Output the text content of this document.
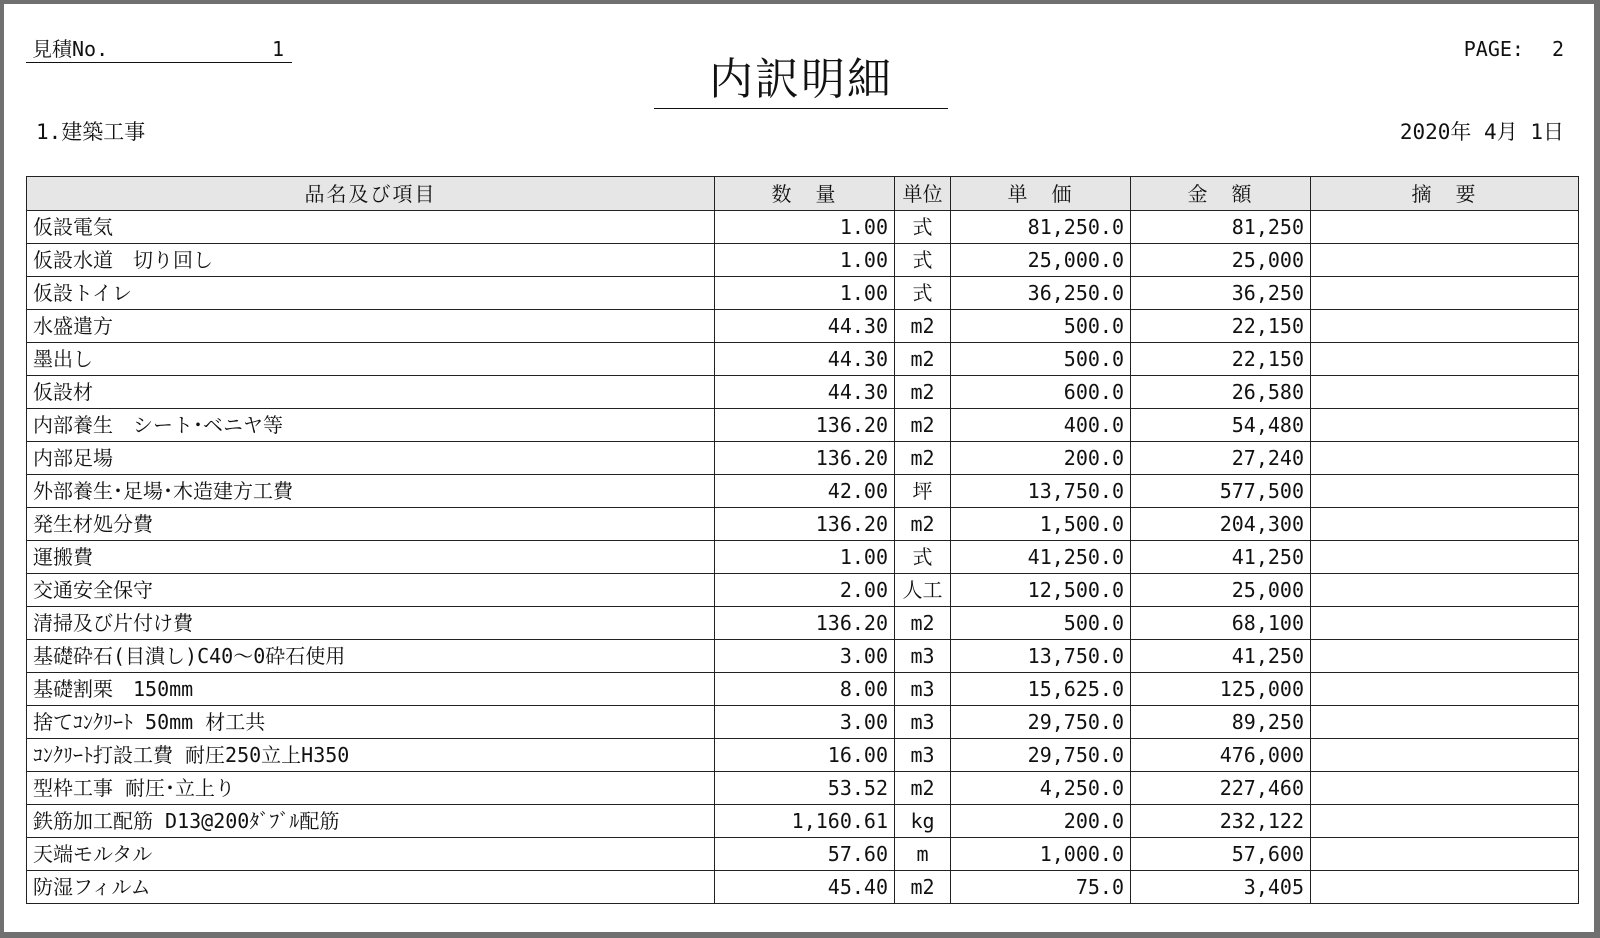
見積No.	1	PAGE: 2
内訳明細
1.建築工事	2020年 4月 1日
品名及び項目	数　量	単位	単　価	金　額	摘　要
仮設電気	1.00	式	81,250.0	81,250	
仮設水道　切り回し	1.00	式	25,000.0	25,000	
仮設トイレ	1.00	式	36,250.0	36,250	
水盛遣方	44.30	m2	500.0	22,150	
墨出し	44.30	m2	500.0	22,150	
仮設材	44.30	m2	600.0	26,580	
内部養生　シート･ベニヤ等	136.20	m2	400.0	54,480	
内部足場	136.20	m2	200.0	27,240	
外部養生･足場･木造建方工費	42.00	坪	13,750.0	577,500	
発生材処分費	136.20	m2	1,500.0	204,300	
運搬費	1.00	式	41,250.0	41,250	
交通安全保守	2.00	人工	12,500.0	25,000	
清掃及び片付け費	136.20	m2	500.0	68,100	
基礎砕石(目潰し)C40～0砕石使用	3.00	m3	13,750.0	41,250	
基礎割栗　150mm	8.00	m3	15,625.0	125,000	
捨てｺﾝｸﾘｰﾄ 50mm 材工共	3.00	m3	29,750.0	89,250	
ｺﾝｸﾘｰﾄ打設工費 耐圧250立上H350	16.00	m3	29,750.0	476,000	
型枠工事 耐圧･立上り	53.52	m2	4,250.0	227,460	
鉄筋加工配筋 D13@200ﾀﾞﾌﾞﾙ配筋	1,160.61	kg	200.0	232,122	
天端モルタル	57.60	m	1,000.0	57,600	
防湿フィルム	45.40	m2	75.0	3,405	
